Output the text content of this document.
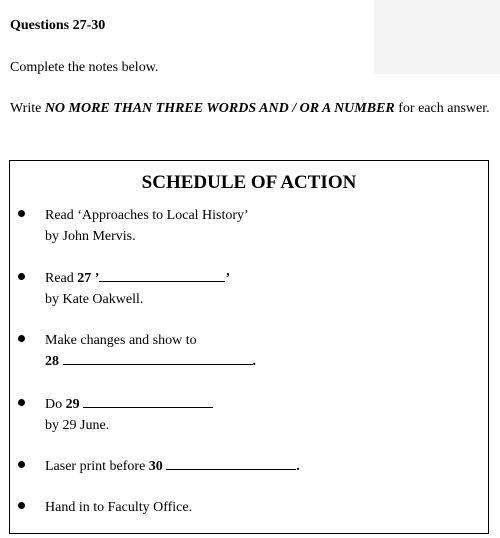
Questions 27-30

Complete the notes below.

Write NO MORE THAN THREE WORDS AND / OR A NUMBER for each answer.

SCHEDULE OF ACTION

Read ‘Approaches to Local History’
by John Mervis.
Read 27 ’	’
by Kate Oakwell.
Make changes and show to
28	.
Do 29
by 29 June.
Laser print before 30	.
Hand in to Faculty Office.
